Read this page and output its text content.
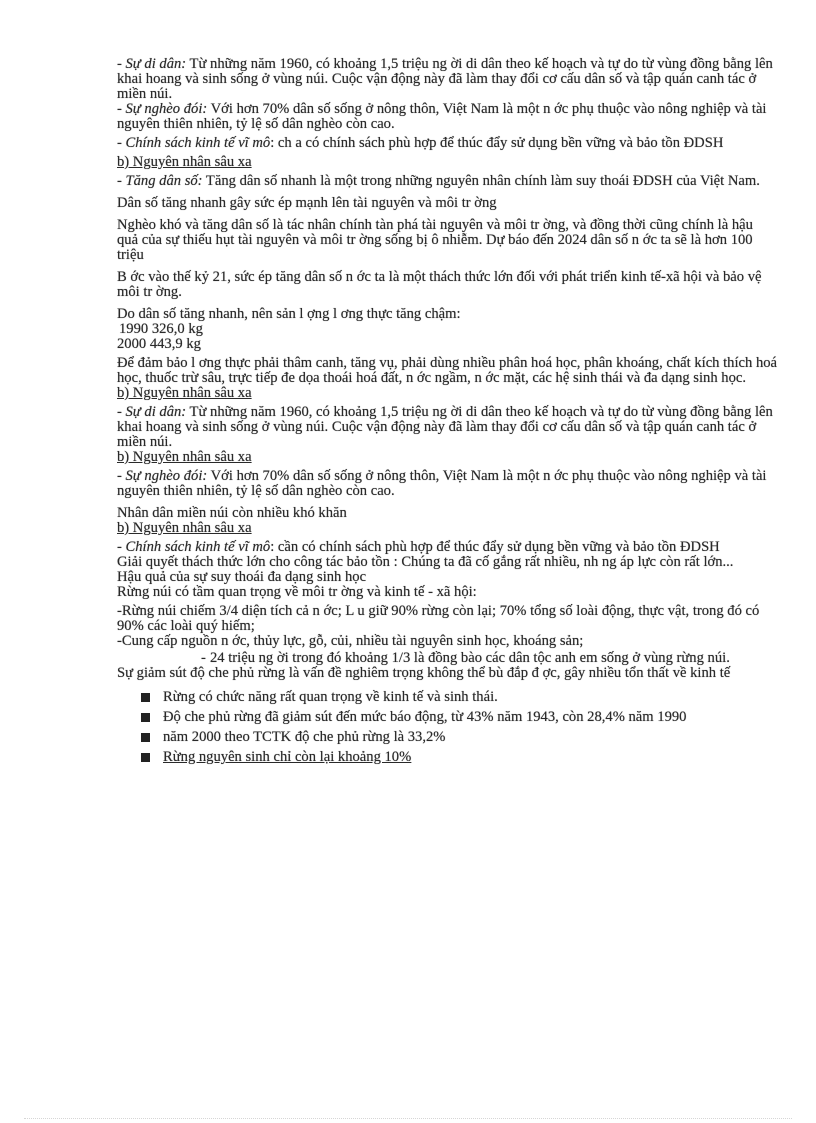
- Sự di dân: Từ những năm 1960, có khoảng 1,5 triệu ng ời di dân theo kế hoạch và tự do từ vùng đồng bằng lên khai hoang và sinh sống ở vùng núi. Cuộc vận động này đã làm thay đổi cơ cấu dân số và tập quán canh tác ở miền núi.

- Sự nghèo đói: Với hơn 70% dân số sống ở nông thôn, Việt Nam là một n ớc phụ thuộc vào nông nghiệp và tài nguyên thiên nhiên, tỷ lệ số dân nghèo còn cao.

- Chính sách kinh tế vĩ mô: ch a có chính sách phù hợp để thúc đẩy sử dụng bền vững và bảo tồn ĐDSH

b) Nguyên nhân sâu xa

- Tăng dân số: Tăng dân số nhanh là một trong những nguyên nhân chính làm suy thoái ĐDSH của Việt Nam.

Dân số tăng nhanh gây sức ép mạnh lên tài nguyên và môi tr ờng

Nghèo khó và tăng dân số là tác nhân chính tàn phá tài nguyên và môi tr ờng, và đồng thời cũng chính là hậu quả của sự thiếu hụt tài nguyên và môi tr ờng sống bị ô nhiễm. Dự báo đến 2024 dân số n ớc ta sẽ là hơn 100 triệu

B ớc vào thế kỷ 21, sức ép tăng dân số n ớc ta là một thách thức lớn đối với phát triển kinh tế-xã hội và bảo vệ môi tr ờng.

Do dân số tăng nhanh, nên sản l ợng l ơng thực tăng chậm:

1990 326,0 kg

2000 443,9 kg

Để đảm bảo l ơng thực phải thâm canh, tăng vụ, phải dùng nhiều phân hoá học, phân khoáng, chất kích thích hoá học, thuốc trừ sâu, trực tiếp đe dọa thoái hoá đất, n ớc ngầm, n ớc mặt, các hệ sinh thái và đa dạng sinh học.

b) Nguyên nhân sâu xa

- Sự di dân: Từ những năm 1960, có khoảng 1,5 triệu ng ời di dân theo kế hoạch và tự do từ vùng đồng bằng lên khai hoang và sinh sống ở vùng núi. Cuộc vận động này đã làm thay đổi cơ cấu dân số và tập quán canh tác ở miền núi.

b) Nguyên nhân sâu xa

- Sự nghèo đói: Với hơn 70% dân số sống ở nông thôn, Việt Nam là một n ớc phụ thuộc vào nông nghiệp và tài nguyên thiên nhiên, tỷ lệ số dân nghèo còn cao.

Nhân dân miền núi còn nhiều khó khăn

b) Nguyên nhân sâu xa

- Chính sách kinh tế vĩ mô: cần có chính sách phù hợp để thúc đẩy sử dụng bền vững và bảo tồn ĐDSH

Giải quyết thách thức lớn cho công tác bảo tồn : Chúng ta đã cố gắng rất nhiều, nh ng áp lực còn rất lớn...

Hậu quả của sự suy thoái đa dạng sinh học

Rừng núi có tầm quan trọng về môi tr ờng và kinh tế - xã hội:

-Rừng núi chiếm 3/4 diện tích cả n ớc; L u giữ 90% rừng còn lại; 70% tổng số loài động, thực vật, trong đó có 90% các loài quý hiếm;

-Cung cấp nguồn n ớc, thủy lực, gỗ, củi, nhiều tài nguyên sinh học, khoáng sản;

- 24 triệu ng ời trong đó khoảng 1/3 là đồng bào các dân tộc anh em sống ở vùng rừng núi.

Sự giảm sút độ che phủ rừng là vấn đề nghiêm trọng không thể bù đắp đ ợc, gây nhiều tổn thất về kinh tế

Rừng có chức năng rất quan trọng về kinh tế và sinh thái.
Độ che phủ rừng đã giảm sút đến mức báo động, từ 43% năm 1943, còn 28,4% năm 1990
năm 2000 theo TCTK độ che phủ rừng là 33,2%
Rừng nguyên sinh chỉ còn lại khoảng 10%
